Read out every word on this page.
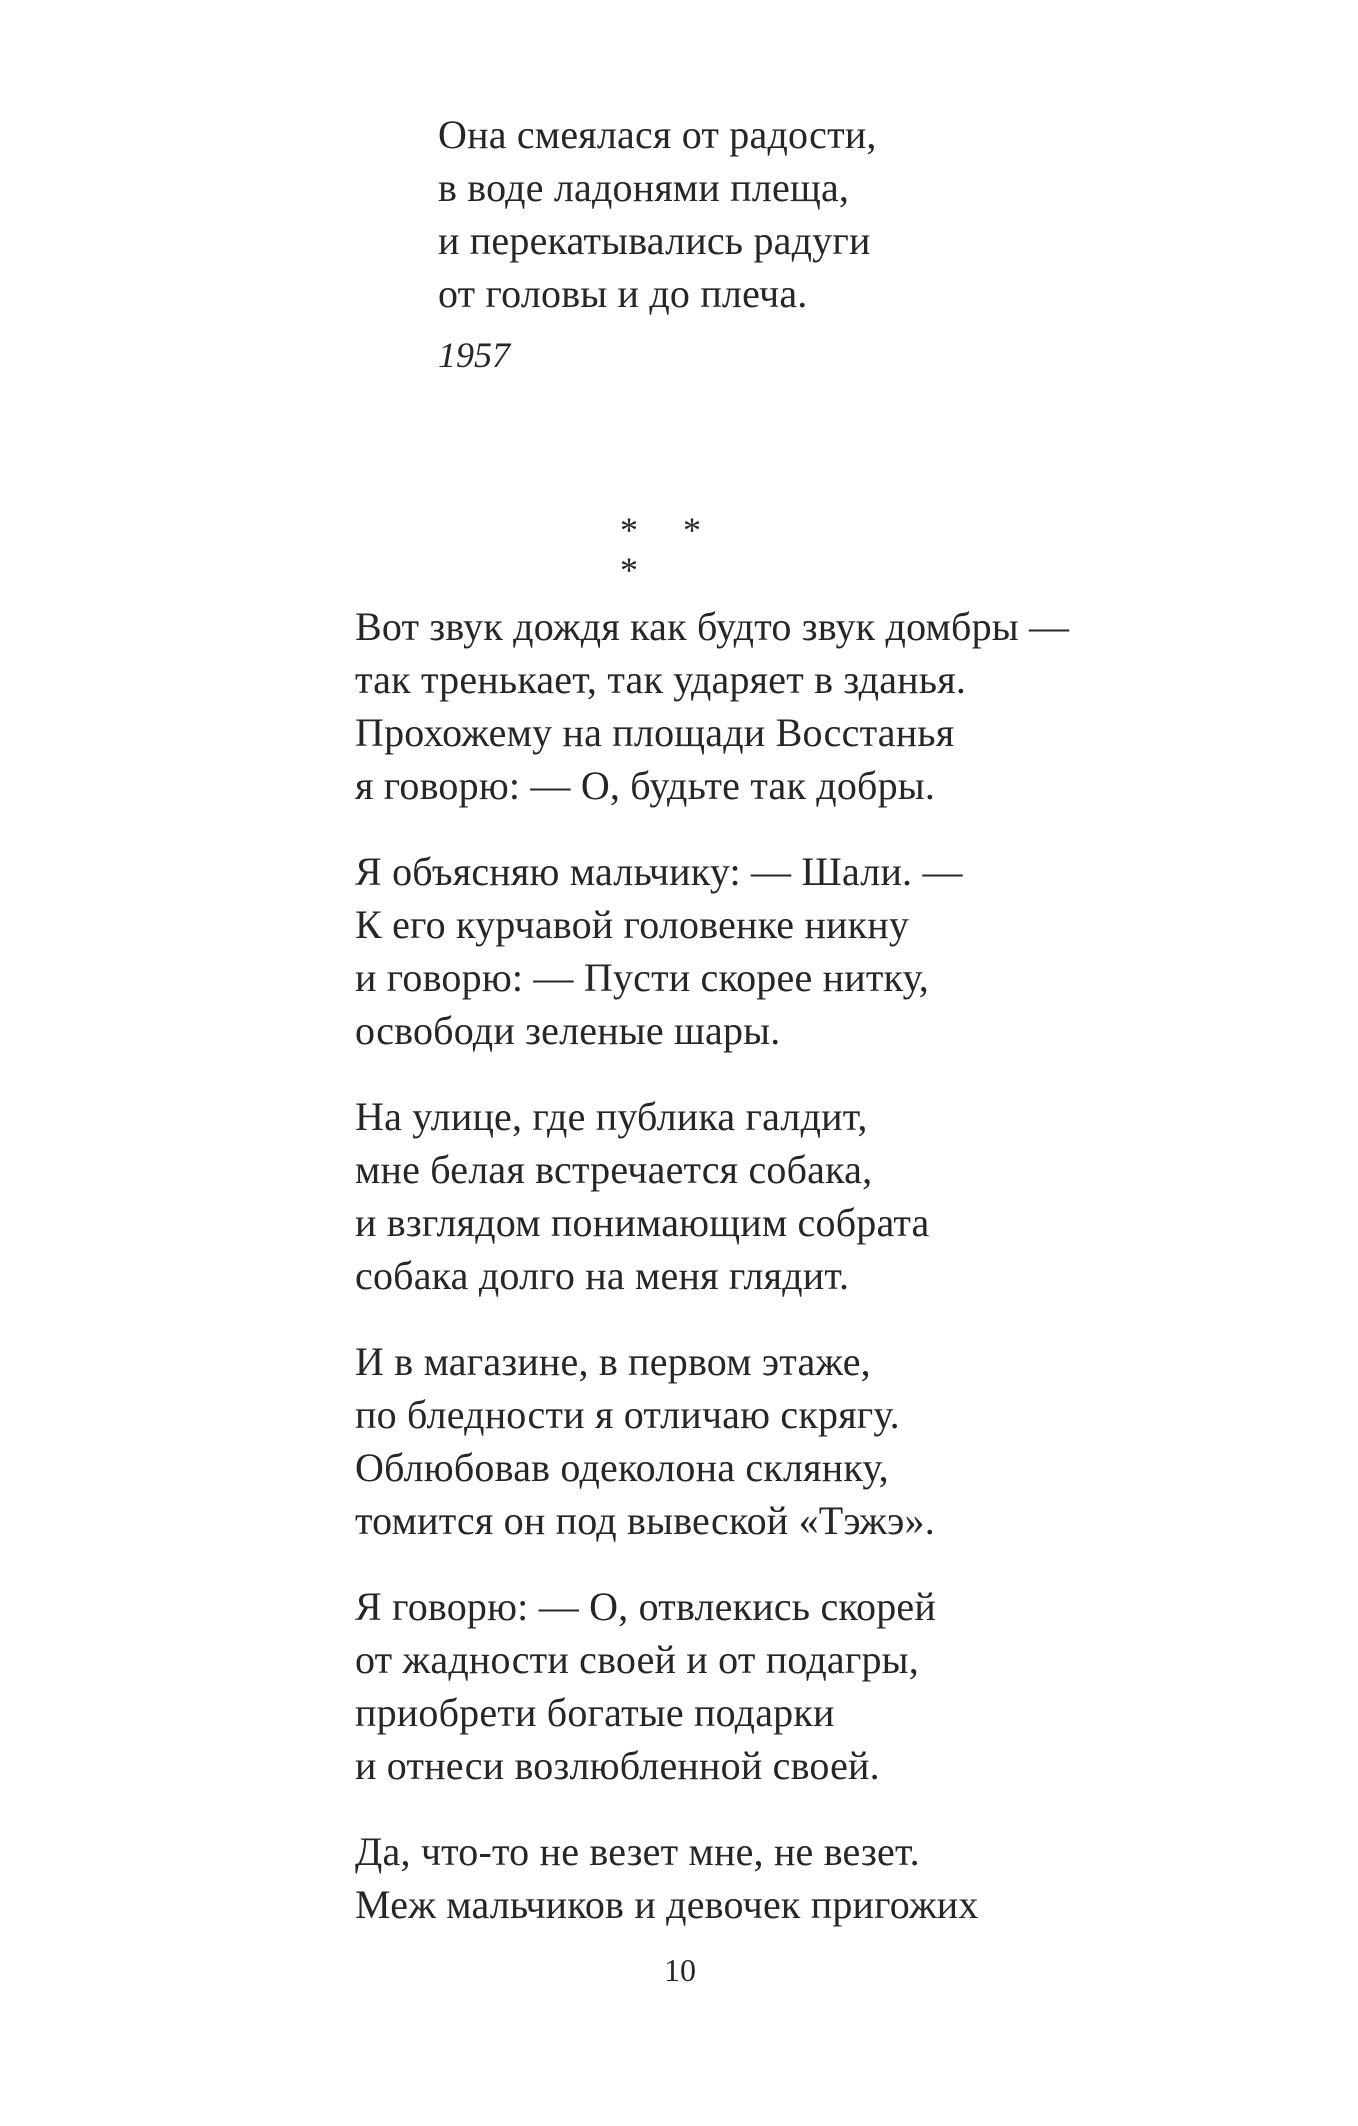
Она смеялася от радости,
в воде ладонями плеща,
и перекатывались радуги
от головы и до плеча.

1957

* * *

Вот звук дождя как будто звук домбры —
так тренькает, так ударяет в зданья.
Прохожему на площади Восстанья
я говорю: — О, будьте так добры.
Я объясняю мальчику: — Шали. —
К его курчавой головенке никну
и говорю: — Пусти скорее нитку,
освободи зеленые шары.
На улице, где публика галдит,
мне белая встречается собака,
и взглядом понимающим собрата
собака долго на меня глядит.
И в магазине, в первом этаже,
по бледности я отличаю скрягу.
Облюбовав одеколона склянку,
томится он под вывеской «Тэжэ».
Я говорю: — О, отвлекись скорей
от жадности своей и от подагры,
приобрети богатые подарки
и отнеси возлюбленной своей.
Да, что-то не везет мне, не везет.
Меж мальчиков и девочек пригожих

10
